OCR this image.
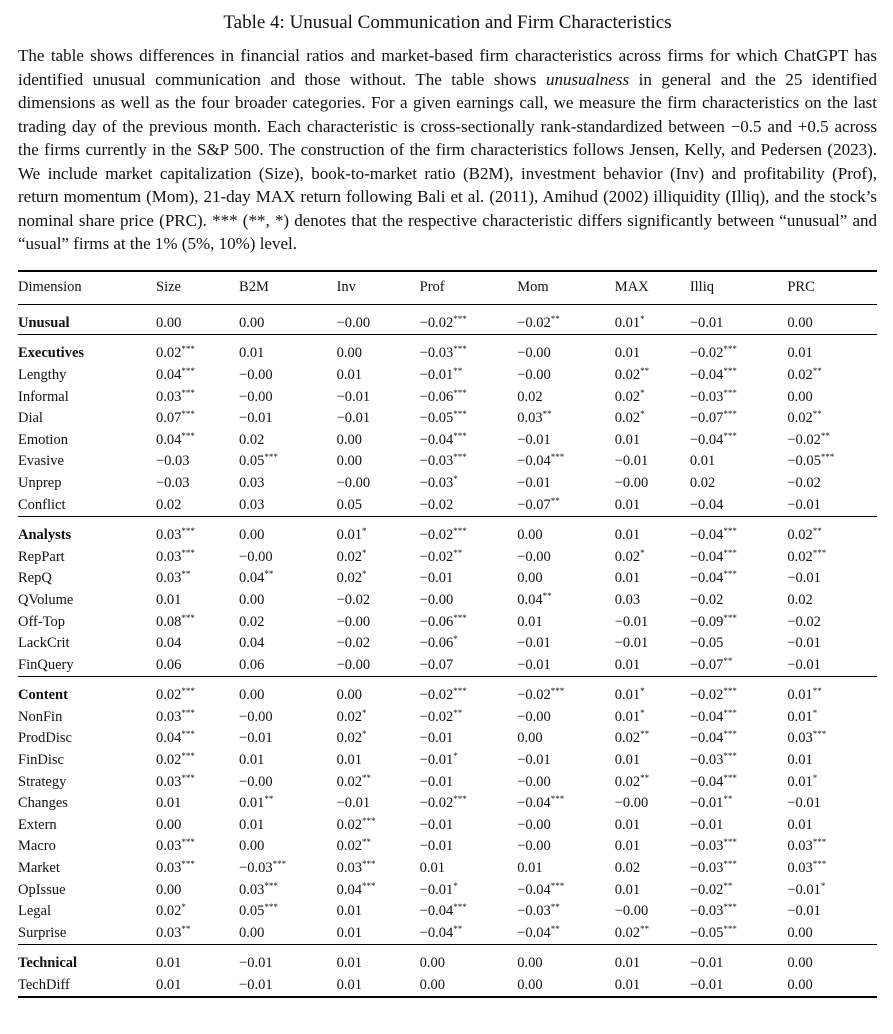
Table 4: Unusual Communication and Firm Characteristics

The table shows differences in financial ratios and market-based firm characteristics across firms for which ChatGPT has identified unusual communication and those without. The table shows unusualness in general and the 25 identified dimensions as well as the four broader categories. For a given earnings call, we measure the firm characteristics on the last trading day of the previous month. Each characteristic is cross-sectionally rank-standardized between −0.5 and +0.5 across the firms currently in the S&P 500. The construction of the firm characteristics follows Jensen, Kelly, and Pedersen (2023). We include market capitalization (Size), book-to-market ratio (B2M), investment behavior (Inv) and profitability (Prof), return momentum (Mom), 21-day MAX return following Bali et al. (2011), Amihud (2002) illiquidity (Illiq), and the stock’s nominal share price (PRC). *** (**, *) denotes that the respective characteristic differs significantly between “unusual” and “usual” firms at the 1% (5%, 10%) level.

Dimension	Size	B2M	Inv	Prof	Mom	MAX	Illiq	PRC
Unusual	0.00	0.00	−0.00	−0.02***	−0.02**	0.01*	−0.01	0.00
Executives	0.02***	0.01	0.00	−0.03***	−0.00	0.01	−0.02***	0.01
Lengthy	0.04***	−0.00	0.01	−0.01**	−0.00	0.02**	−0.04***	0.02**
Informal	0.03***	−0.00	−0.01	−0.06***	0.02	0.02*	−0.03***	0.00
Dial	0.07***	−0.01	−0.01	−0.05***	0.03**	0.02*	−0.07***	0.02**
Emotion	0.04***	0.02	0.00	−0.04***	−0.01	0.01	−0.04***	−0.02**
Evasive	−0.03	0.05***	0.00	−0.03***	−0.04***	−0.01	0.01	−0.05***
Unprep	−0.03	0.03	−0.00	−0.03*	−0.01	−0.00	0.02	−0.02
Conflict	0.02	0.03	0.05	−0.02	−0.07**	0.01	−0.04	−0.01
Analysts	0.03***	0.00	0.01*	−0.02***	0.00	0.01	−0.04***	0.02**
RepPart	0.03***	−0.00	0.02*	−0.02**	−0.00	0.02*	−0.04***	0.02***
RepQ	0.03**	0.04**	0.02*	−0.01	0.00	0.01	−0.04***	−0.01
QVolume	0.01	0.00	−0.02	−0.00	0.04**	0.03	−0.02	0.02
Off-Top	0.08***	0.02	−0.00	−0.06***	0.01	−0.01	−0.09***	−0.02
LackCrit	0.04	0.04	−0.02	−0.06*	−0.01	−0.01	−0.05	−0.01
FinQuery	0.06	0.06	−0.00	−0.07	−0.01	0.01	−0.07**	−0.01
Content	0.02***	0.00	0.00	−0.02***	−0.02***	0.01*	−0.02***	0.01**
NonFin	0.03***	−0.00	0.02*	−0.02**	−0.00	0.01*	−0.04***	0.01*
ProdDisc	0.04***	−0.01	0.02*	−0.01	0.00	0.02**	−0.04***	0.03***
FinDisc	0.02***	0.01	0.01	−0.01*	−0.01	0.01	−0.03***	0.01
Strategy	0.03***	−0.00	0.02**	−0.01	−0.00	0.02**	−0.04***	0.01*
Changes	0.01	0.01**	−0.01	−0.02***	−0.04***	−0.00	−0.01**	−0.01
Extern	0.00	0.01	0.02***	−0.01	−0.00	0.01	−0.01	0.01
Macro	0.03***	0.00	0.02**	−0.01	−0.00	0.01	−0.03***	0.03***
Market	0.03***	−0.03***	0.03***	0.01	0.01	0.02	−0.03***	0.03***
OpIssue	0.00	0.03***	0.04***	−0.01*	−0.04***	0.01	−0.02**	−0.01*
Legal	0.02*	0.05***	0.01	−0.04***	−0.03**	−0.00	−0.03***	−0.01
Surprise	0.03**	0.00	0.01	−0.04**	−0.04**	0.02**	−0.05***	0.00
Technical	0.01	−0.01	0.01	0.00	0.00	0.01	−0.01	0.00
TechDiff	0.01	−0.01	0.01	0.00	0.00	0.01	−0.01	0.00
